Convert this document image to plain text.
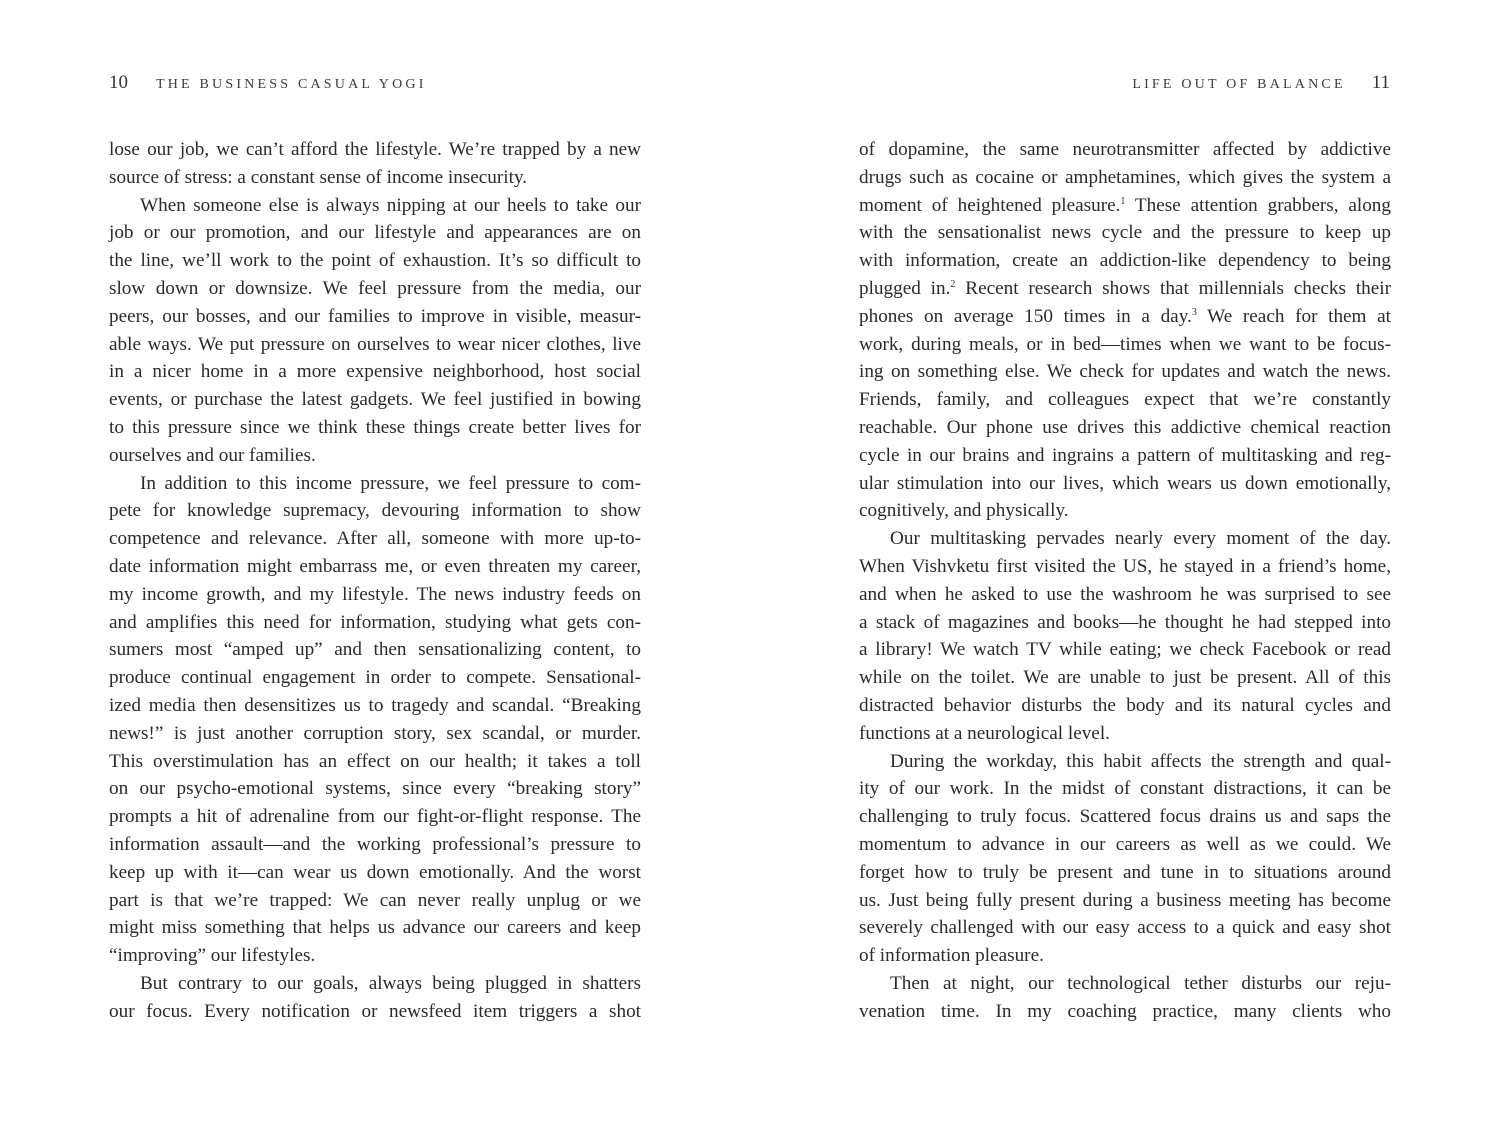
10 THE BUSINESS CASUAL YOGI
lose our job, we can’t afford the lifestyle. We’re trapped by a new
source of stress: a constant sense of income insecurity.
When someone else is always nipping at our heels to take our
job or our promotion, and our lifestyle and appearances are on
the line, we’ll work to the point of exhaustion. It’s so difficult to
slow down or downsize. We feel pressure from the media, our
peers, our bosses, and our families to improve in visible, measur-
able ways. We put pressure on ourselves to wear nicer clothes, live
in a nicer home in a more expensive neighborhood, host social
events, or purchase the latest gadgets. We feel justified in bowing
to this pressure since we think these things create better lives for
ourselves and our families.
In addition to this income pressure, we feel pressure to com-
pete for knowledge supremacy, devouring information to show
competence and relevance. After all, someone with more up-to-
date information might embarrass me, or even threaten my career,
my income growth, and my lifestyle. The news industry feeds on
and amplifies this need for information, studying what gets con-
sumers most “amped up” and then sensationalizing content, to
produce continual engagement in order to compete. Sensational-
ized media then desensitizes us to tragedy and scandal. “Breaking
news!” is just another corruption story, sex scandal, or murder.
This overstimulation has an effect on our health; it takes a toll
on our psycho-emotional systems, since every “breaking story”
prompts a hit of adrenaline from our fight-or-flight response. The
information assault—and the working professional’s pressure to
keep up with it—can wear us down emotionally. And the worst
part is that we’re trapped: We can never really unplug or we
might miss something that helps us advance our careers and keep
“improving” our lifestyles.
But contrary to our goals, always being plugged in shatters
our focus. Every notification or newsfeed item triggers a shot
LIFE OUT OF BALANCE 11
of dopamine, the same neurotransmitter affected by addictive
drugs such as cocaine or amphetamines, which gives the system a
moment of heightened pleasure.$^1$ These attention grabbers, along
with the sensationalist news cycle and the pressure to keep up
with information, create an addiction-like dependency to being
plugged in.$^2$ Recent research shows that millennials checks their
phones on average 150 times in a day.$^3$ We reach for them at
work, during meals, or in bed—times when we want to be focus-
ing on something else. We check for updates and watch the news.
Friends, family, and colleagues expect that we’re constantly
reachable. Our phone use drives this addictive chemical reaction
cycle in our brains and ingrains a pattern of multitasking and reg-
ular stimulation into our lives, which wears us down emotionally,
cognitively, and physically.
Our multitasking pervades nearly every moment of the day.
When Vishvketu first visited the US, he stayed in a friend’s home,
and when he asked to use the washroom he was surprised to see
a stack of magazines and books—he thought he had stepped into
a library! We watch TV while eating; we check Facebook or read
while on the toilet. We are unable to just be present. All of this
distracted behavior disturbs the body and its natural cycles and
functions at a neurological level.
During the workday, this habit affects the strength and qual-
ity of our work. In the midst of constant distractions, it can be
challenging to truly focus. Scattered focus drains us and saps the
momentum to advance in our careers as well as we could. We
forget how to truly be present and tune in to situations around
us. Just being fully present during a business meeting has become
severely challenged with our easy access to a quick and easy shot
of information pleasure.
Then at night, our technological tether disturbs our reju-
venation time. In my coaching practice, many clients who
